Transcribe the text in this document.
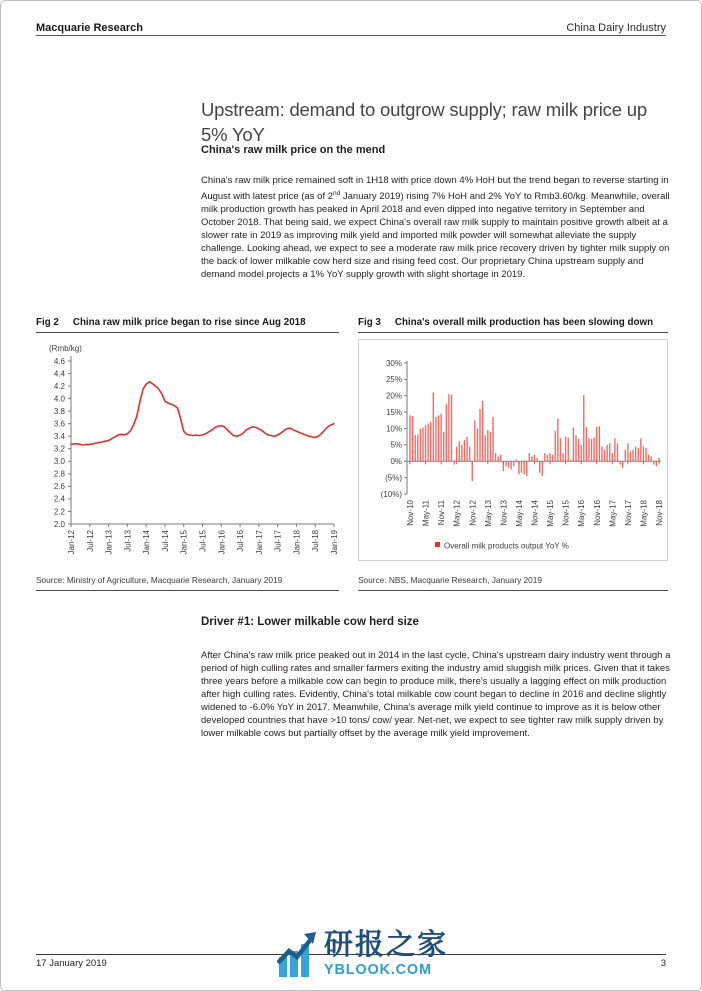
Macquarie Research	China Dairy Industry
Upstream: demand to outgrow supply; raw milk price up 5% YoY
China's raw milk price on the mend

China's raw milk price remained soft in 1H18 with price down 4% HoH but the trend began to reverse starting in August with latest price (as of 2nd January 2019) rising 7% HoH and 2% YoY to Rmb3.60/kg. Meanwhile, overall milk production growth has peaked in April 2018 and even dipped into negative territory in September and October 2018. That being said, we expect China's overall raw milk supply to maintain positive growth albeit at a slower rate in 2019 as improving milk yield and imported milk powder will somewhat alleviate the supply challenge. Looking ahead, we expect to see a moderate raw milk price recovery driven by tighter milk supply on the back of lower milkable cow herd size and rising feed cost. Our proprietary China upstream supply and demand model projects a 1% YoY supply growth with slight shortage in 2019.

Fig 2 China raw milk price began to rise since Aug 2018
(Rmb/kg)
2.0
2.2
2.4
2.6
2.8
3.0
3.2
3.4
3.6
3.8
4.0
4.2
4.4
4.6
Jan-12 Jul-12 Jan-13 Jul-13 Jan-14 Jul-14 Jan-15 Jul-15 Jan-16 Jul-16 Jan-17 Jul-17 Jan-18 Jul-18 Jan-19
Source: Ministry of Agriculture, Macquarie Research, January 2019
Fig 3 China's overall milk production has been slowing down
30%
25%
20%
15%
10%
5%
0%
(5%)
(10%)
Nov-10 May-11 Nov-11 May-12 Nov-12 May-13 Nov-13 May-14 Nov-14 May-15 Nov-15 May-16 Nov-16 May-17 Nov-17 May-18 Nov-18
Overall milk products output YoY %
Source: NBS, Macquarie Research, January 2019
Driver #1: Lower milkable cow herd size

After China's raw milk price peaked out in 2014 in the last cycle, China's upstream dairy industry went through a period of high culling rates and smaller farmers exiting the industry amid sluggish milk prices. Given that it takes three years before a milkable cow can begin to produce milk, there's usually a lagging effect on milk production after high culling rates. Evidently, China's total milkable cow count began to decline in 2016 and decline slightly widened to -6.0% YoY in 2017. Meanwhile, China's average milk yield continue to improve as it is below other developed countries that have >10 tons/ cow/ year. Net-net, we expect to see tighter raw milk supply driven by lower milkable cows but partially offset by the average milk yield improvement.

17 January 2019	3
研报之家
YBLOOK.COM
